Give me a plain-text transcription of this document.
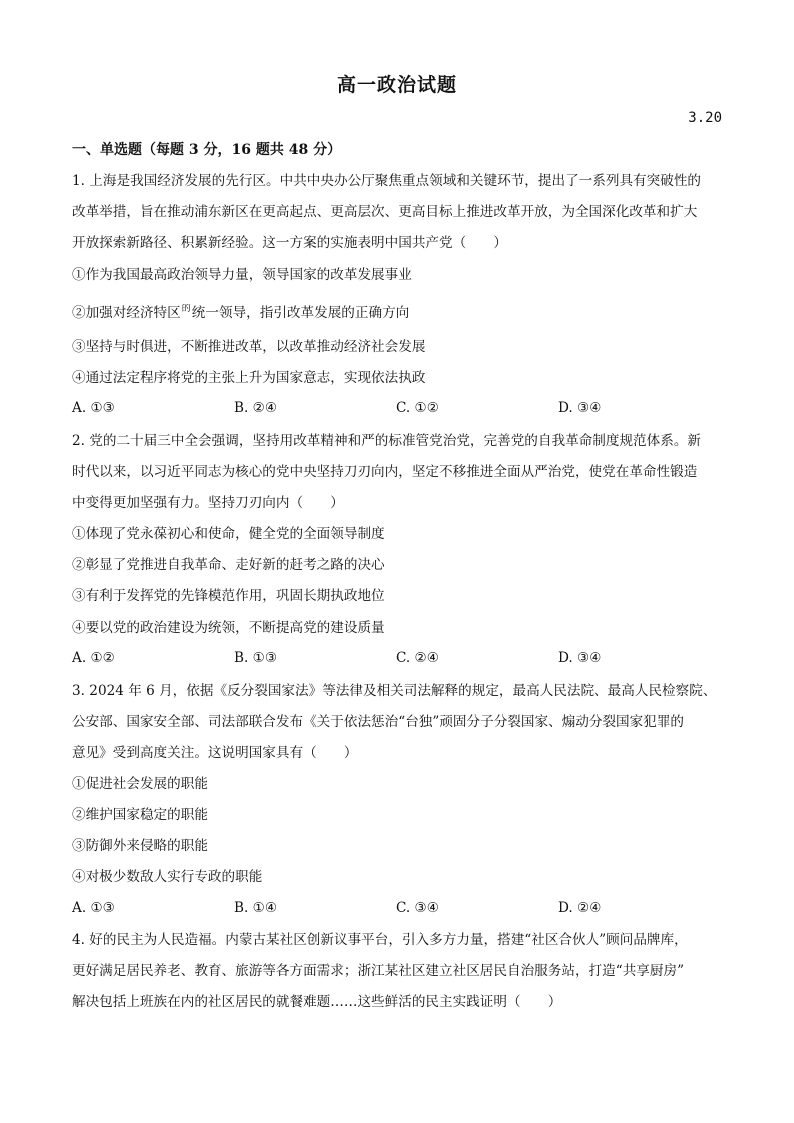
高一政治试题
3.20
一、单选题（每题 3 分，16 题共 48 分）
1. 上海是我国经济发展的先行区。中共中央办公厅聚焦重点领域和关键环节，提出了一系列具有突破性的
改革举措，旨在推动浦东新区在更高起点、更高层次、更高目标上推进改革开放，为全国深化改革和扩大
开放探索新路径、积累新经验。这一方案的实施表明中国共产党（　　）
①作为我国最高政治领导力量，领导国家的改革发展事业
②加强对经济特区$^的$统一领导，指引改革发展的正确方向
③坚持与时俱进，不断推进改革，以改革推动经济社会发展
④通过法定程序将党的主张上升为国家意志，实现依法执政
A. ①③	B. ②④	C. ①②	D. ③④
2. 党的二十届三中全会强调，坚持用改革精神和严的标准管党治党，完善党的自我革命制度规范体系。新
时代以来，以习近平同志为核心的党中央坚持刀刃向内，坚定不移推进全面从严治党，使党在革命性锻造
中变得更加坚强有力。坚持刀刃向内（　　）
①体现了党永葆初心和使命，健全党的全面领导制度
②彰显了党推进自我革命、走好新的赶考之路的决心
③有利于发挥党的先锋模范作用，巩固长期执政地位
④要以党的政治建设为统领，不断提高党的建设质量
A. ①②	B. ①③	C. ②④	D. ③④
3. 2024 年 6 月，依据《反分裂国家法》等法律及相关司法解释的规定，最高人民法院、最高人民检察院、
公安部、国家安全部、司法部联合发布《关于依法惩治“台独”顽固分子分裂国家、煽动分裂国家犯罪的
意见》受到高度关注。这说明国家具有（　　）
①促进社会发展的职能
②维护国家稳定的职能
③防御外来侵略的职能
④对极少数敌人实行专政的职能
A. ①③	B. ①④	C. ③④	D. ②④
4. 好的民主为人民造福。内蒙古某社区创新议事平台，引入多方力量，搭建“社区合伙人”顾问品牌库，
更好满足居民养老、教育、旅游等各方面需求；浙江某社区建立社区居民自治服务站，打造“共享厨房”
解决包括上班族在内的社区居民的就餐难题……这些鲜活的民主实践证明（　　）
